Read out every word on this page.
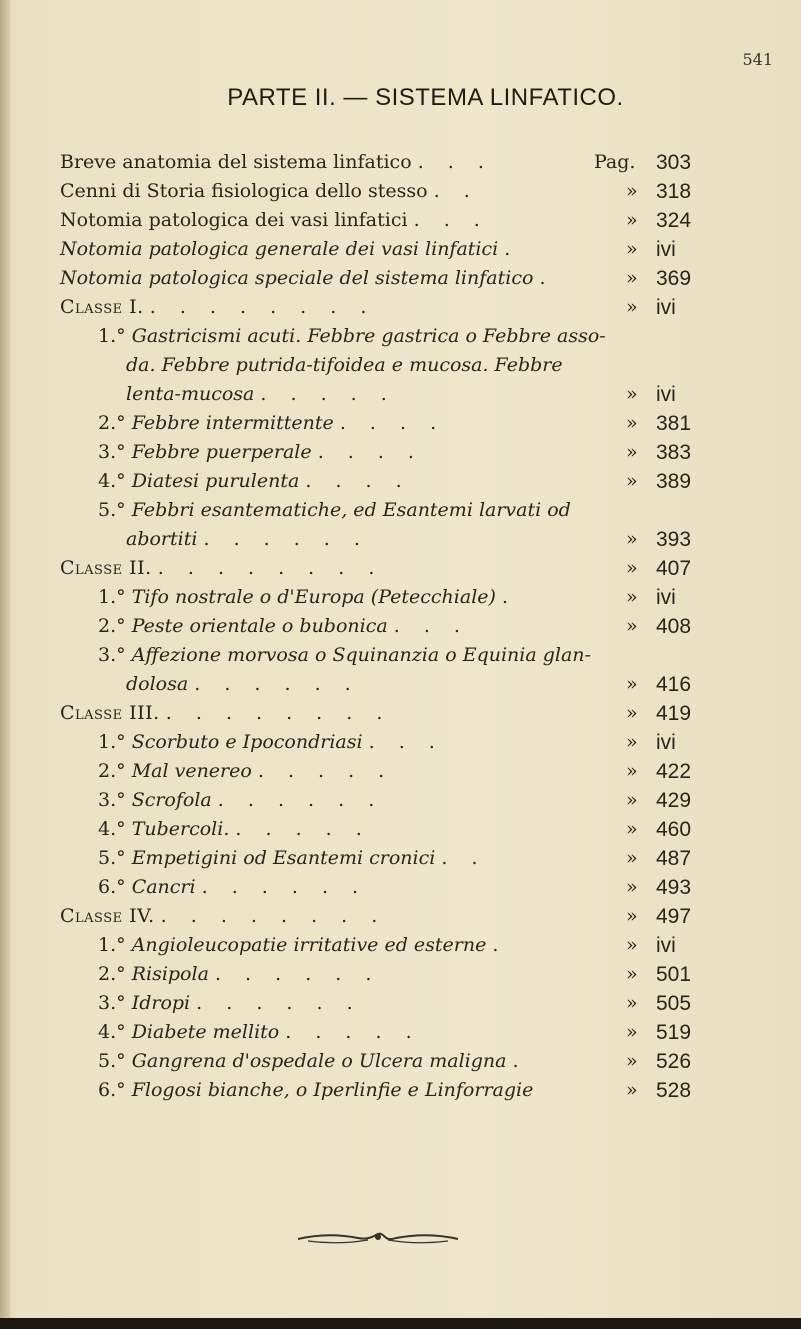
541
PARTE II. — SISTEMA LINFATICO.
Breve anatomia del sistema linfatico . . .	Pag. 303
Cenni di Storia fisiologica dello stesso . .	» 318
Notomia patologica dei vasi linfatici . . .	» 324
Notomia patologica generale dei vasi linfatici .	» ivi
Notomia patologica speciale del sistema linfatico .	» 369
Classe I. . . . . . . . .	» ivi
1.° Gastricismi acuti. Febbre gastrica o Febbre asso-
da. Febbre putrida-tifoidea e mucosa. Febbre
lenta-mucosa . . . . .	» ivi
2.° Febbre intermittente . . . .	» 381
3.° Febbre puerperale . . . .	» 383
4.° Diatesi purulenta . . . .	» 389
5.° Febbri esantematiche, ed Esantemi larvati od
abortiti . . . . . .	» 393
Classe II. . . . . . . . .	» 407
1.° Tifo nostrale o d'Europa (Petecchiale) .	» ivi
2.° Peste orientale o bubonica . . .	» 408
3.° Affezione morvosa o Squinanzia o Equinia glan-
dolosa . . . . . .	» 416
Classe III. . . . . . . . .	» 419
1.° Scorbuto e Ipocondriasi . . .	» ivi
2.° Mal venereo . . . . .	» 422
3.° Scrofola . . . . . .	» 429
4.° Tubercoli. . . . . .	» 460
5.° Empetigini od Esantemi cronici . .	» 487
6.° Cancri . . . . . .	» 493
Classe IV. . . . . . . . .	» 497
1.° Angioleucopatie irritative ed esterne .	» ivi
2.° Risipola . . . . . .	» 501
3.° Idropi . . . . . .	» 505
4.° Diabete mellito . . . . .	» 519
5.° Gangrena d'ospedale o Ulcera maligna .	» 526
6.° Flogosi bianche, o Iperlinfie e Linforragie	» 528
